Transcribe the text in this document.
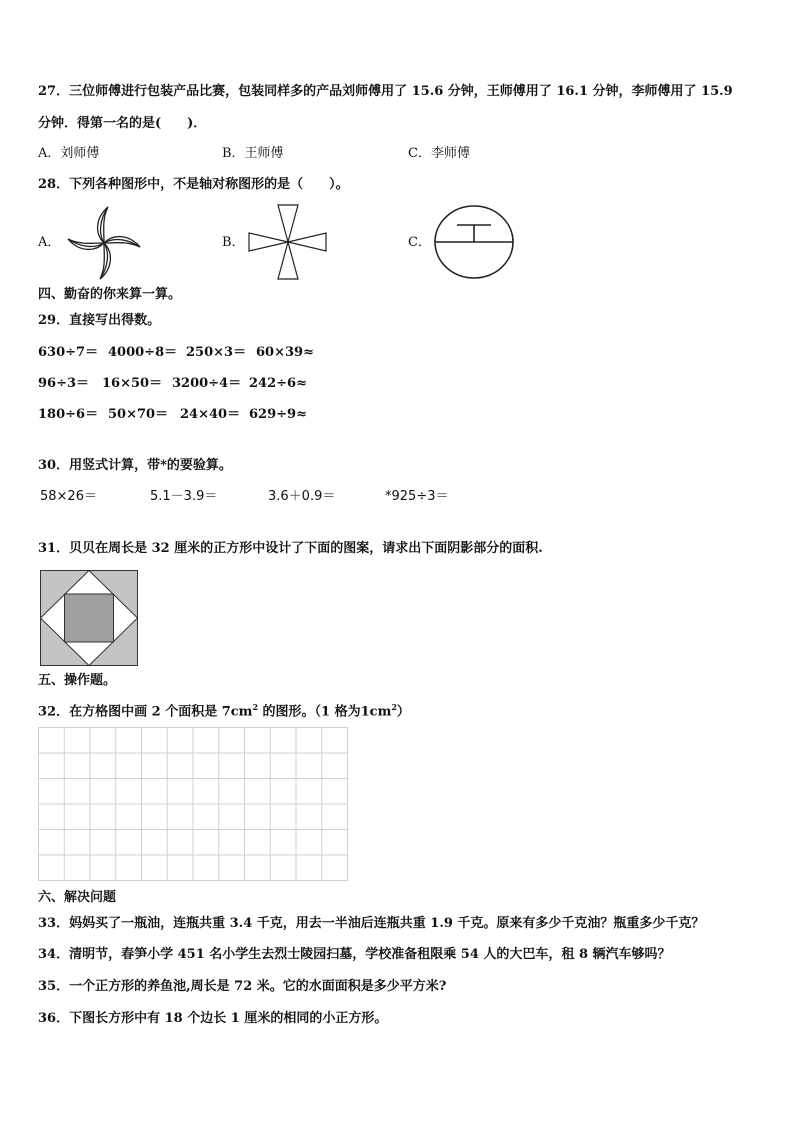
27．三位师傅进行包装产品比赛，包装同样多的产品刘师傅用了 15.6 分钟，王师傅用了 16.1 分钟，李师傅用了 15.9
分钟．得第一名的是(　　)．
A．刘师傅	B．王师傅	C．李师傅
28．下列各种图形中，不是轴对称图形的是（　　）。
A．	B．	C．
四、勤奋的你来算一算。
29．直接写出得数。
630÷7＝ 4000÷8＝ 250×3＝ 60×39≈
96÷3＝ 16×50＝ 3200÷4＝ 242÷6≈
180÷6＝ 50×70＝ 24×40＝ 629÷9≈
30．用竖式计算，带*的要验算。
58×26＝	5.1－3.9＝	3.6＋0.9＝	*925÷3＝
31．贝贝在周长是 32 厘米的正方形中设计了下面的图案，请求出下面阴影部分的面积.
五、操作题。
32．在方格图中画 2 个面积是 $7cm^2$ 的图形。（1 格为$1cm^2$）
六、解决问题
33．妈妈买了一瓶油，连瓶共重 3.4 千克，用去一半油后连瓶共重 1.9 千克。原来有多少千克油？瓶重多少千克？
34．清明节，春笋小学 451 名小学生去烈士陵园扫墓，学校准备租限乘 54 人的大巴车，租 8 辆汽车够吗？
35．一个正方形的养鱼池,周长是 72 米。它的水面面积是多少平方米?
36．下图长方形中有 18 个边长 1 厘米的相同的小正方形。
